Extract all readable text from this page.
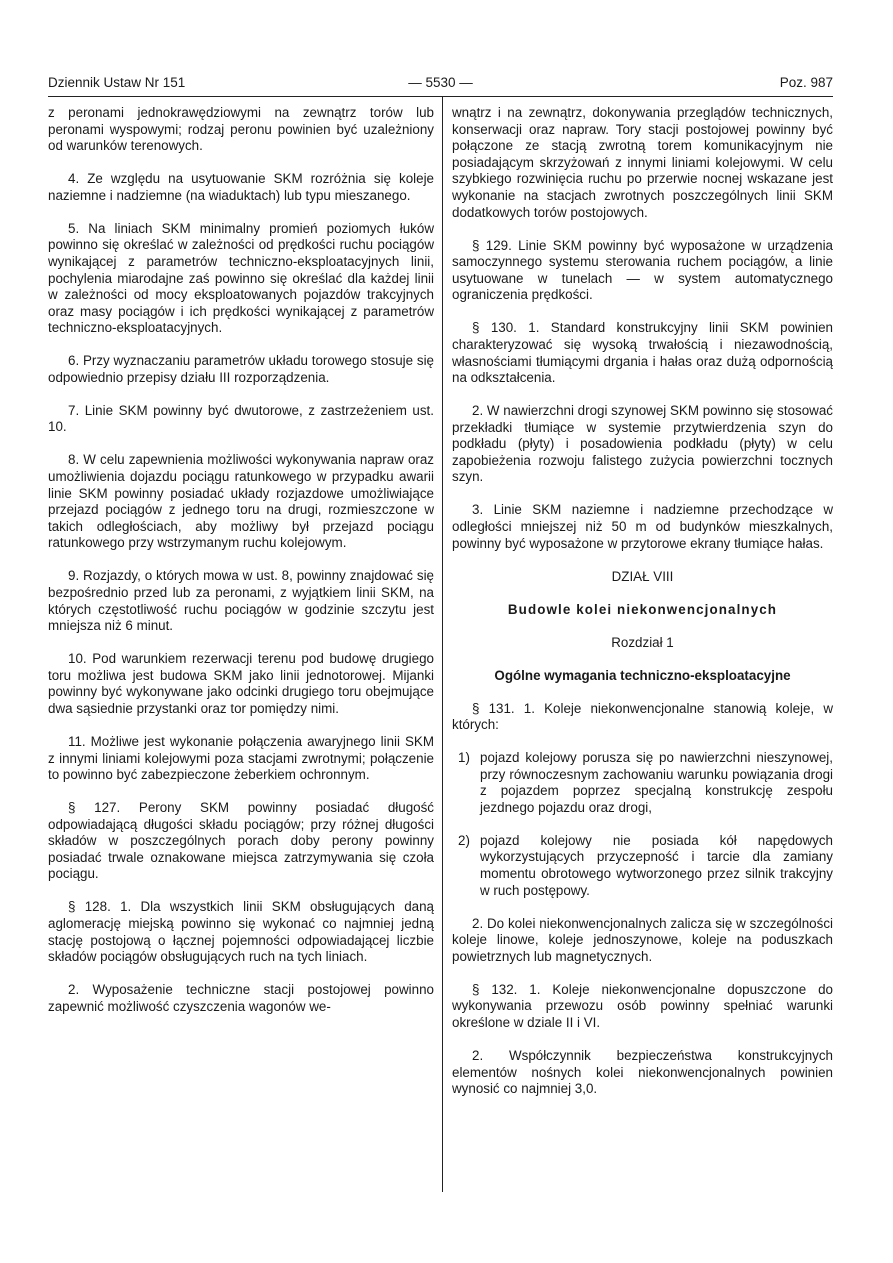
Dziennik Ustaw Nr 151	— 5530 —	Poz. 987

z peronami jednokrawędziowymi na zewnątrz torów lub peronami wyspowymi; rodzaj peronu powinien być uzależniony od warunków terenowych.

4. Ze względu na usytuowanie SKM rozróżnia się koleje naziemne i nadziemne (na wiaduktach) lub typu mieszanego.

5. Na liniach SKM minimalny promień poziomych łuków powinno się określać w zależności od prędkości ruchu pociągów wynikającej z parametrów techniczno-eksploatacyjnych linii, pochylenia miarodajne zaś powinno się określać dla każdej linii w zależności od mocy eksploatowanych pojazdów trakcyjnych oraz masy pociągów i ich prędkości wynikającej z parametrów techniczno-eksploatacyjnych.

6. Przy wyznaczaniu parametrów układu torowego stosuje się odpowiednio przepisy działu III rozporządzenia.

7. Linie SKM powinny być dwutorowe, z zastrzeżeniem ust. 10.

8. W celu zapewnienia możliwości wykonywania napraw oraz umożliwienia dojazdu pociągu ratunkowego w przypadku awarii linie SKM powinny posiadać układy rozjazdowe umożliwiające przejazd pociągów z jednego toru na drugi, rozmieszczone w takich odległościach, aby możliwy był przejazd pociągu ratunkowego przy wstrzymanym ruchu kolejowym.

9. Rozjazdy, o których mowa w ust. 8, powinny znajdować się bezpośrednio przed lub za peronami, z wyjątkiem linii SKM, na których częstotliwość ruchu pociągów w godzinie szczytu jest mniejsza niż 6 minut.

10. Pod warunkiem rezerwacji terenu pod budowę drugiego toru możliwa jest budowa SKM jako linii jednotorowej. Mijanki powinny być wykonywane jako odcinki drugiego toru obejmujące dwa sąsiednie przystanki oraz tor pomiędzy nimi.

11. Możliwe jest wykonanie połączenia awaryjnego linii SKM z innymi liniami kolejowymi poza stacjami zwrotnymi; połączenie to powinno być zabezpieczone żeberkiem ochronnym.

§ 127. Perony SKM powinny posiadać długość odpowiadającą długości składu pociągów; przy różnej długości składów w poszczególnych porach doby perony powinny posiadać trwale oznakowane miejsca zatrzymywania się czoła pociągu.

§ 128. 1. Dla wszystkich linii SKM obsługujących daną aglomerację miejską powinno się wykonać co najmniej jedną stację postojową o łącznej pojemności odpowiadającej liczbie składów pociągów obsługujących ruch na tych liniach.

2. Wyposażenie techniczne stacji postojowej powinno zapewnić możliwość czyszczenia wagonów we-

wnątrz i na zewnątrz, dokonywania przeglądów technicznych, konserwacji oraz napraw. Tory stacji postojowej powinny być połączone ze stacją zwrotną torem komunikacyjnym nie posiadającym skrzyżowań z innymi liniami kolejowymi. W celu szybkiego rozwinięcia ruchu po przerwie nocnej wskazane jest wykonanie na stacjach zwrotnych poszczególnych linii SKM dodatkowych torów postojowych.

§ 129. Linie SKM powinny być wyposażone w urządzenia samoczynnego systemu sterowania ruchem pociągów, a linie usytuowane w tunelach — w system automatycznego ograniczenia prędkości.

§ 130. 1. Standard konstrukcyjny linii SKM powinien charakteryzować się wysoką trwałością i niezawodnością, własnościami tłumiącymi drgania i hałas oraz dużą odpornością na odkształcenia.

2. W nawierzchni drogi szynowej SKM powinno się stosować przekładki tłumiące w systemie przytwierdzenia szyn do podkładu (płyty) i posadowienia podkładu (płyty) w celu zapobieżenia rozwoju falistego zużycia powierzchni tocznych szyn.

3. Linie SKM naziemne i nadziemne przechodzące w odległości mniejszej niż 50 m od budynków mieszkalnych, powinny być wyposażone w przytorowe ekrany tłumiące hałas.

DZIAŁ VIII
Budowle kolei niekonwencjonalnych
Rozdział 1
Ogólne wymagania techniczno-eksploatacyjne

§ 131. 1. Koleje niekonwencjonalne stanowią koleje, w których:

1) pojazd kolejowy porusza się po nawierzchni nieszynowej, przy równoczesnym zachowaniu warunku powiązania drogi z pojazdem poprzez specjalną konstrukcję zespołu jezdnego pojazdu oraz drogi,
2) pojazd kolejowy nie posiada kół napędowych wykorzystujących przyczepność i tarcie dla zamiany momentu obrotowego wytworzonego przez silnik trakcyjny w ruch postępowy.

2. Do kolei niekonwencjonalnych zalicza się w szczególności koleje linowe, koleje jednoszynowe, koleje na poduszkach powietrznych lub magnetycznych.

§ 132. 1. Koleje niekonwencjonalne dopuszczone do wykonywania przewozu osób powinny spełniać warunki określone w dziale II i VI.

2. Współczynnik bezpieczeństwa konstrukcyjnych elementów nośnych kolei niekonwencjonalnych powinien wynosić co najmniej 3,0.
